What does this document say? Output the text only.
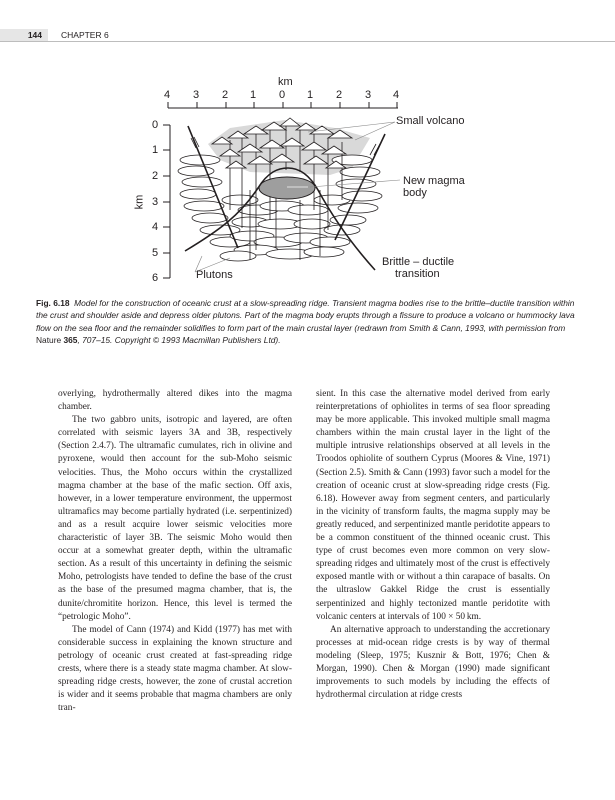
144 CHAPTER 6
km
4 3 2 1 0 1 2 3 4
0
1
2
3
4
5
6
km
Small volcano
New magma
body
Brittle – ductile
transition
Plutons
Fig. 6.18 Model for the construction of oceanic crust at a slow-spreading ridge. Transient magma bodies rise to the brittle–ductile transition within the crust and shoulder aside and depress older plutons. Part of the magma body erupts through a fissure to produce a volcano or hummocky lava flow on the sea floor and the remainder solidifies to form part of the main crustal layer (redrawn from Smith & Cann, 1993, with permission from Nature 365, 707–15. Copyright © 1993 Macmillan Publishers Ltd).

overlying, hydrothermally altered dikes into the magma chamber.

The two gabbro units, isotropic and layered, are often correlated with seismic layers 3A and 3B, respectively (Section 2.4.7). The ultramafic cumulates, rich in olivine and pyroxene, would then account for the sub-Moho seismic velocities. Thus, the Moho occurs within the crystallized magma chamber at the base of the mafic section. Off axis, however, in a lower temperature environment, the uppermost ultramafics may become partially hydrated (i.e. serpentinized) and as a result acquire lower seismic velocities more characteristic of layer 3B. The seismic Moho would then occur at a somewhat greater depth, within the ultramafic section. As a result of this uncertainty in defining the seismic Moho, petrologists have tended to define the base of the crust as the base of the presumed magma chamber, that is, the dunite/chromitite horizon. Hence, this level is termed the “petrologic Moho”.

The model of Cann (1974) and Kidd (1977) has met with considerable success in explaining the known structure and petrology of oceanic crust created at fast-spreading ridge crests, where there is a steady state magma chamber. At slow-spreading ridge crests, however, the zone of crustal accretion is wider and it seems probable that magma chambers are only tran-

sient. In this case the alternative model derived from early reinterpretations of ophiolites in terms of sea floor spreading may be more applicable. This invoked multiple small magma chambers within the main crustal layer in the light of the multiple intrusive relationships observed at all levels in the Troodos ophiolite of southern Cyprus (Moores & Vine, 1971) (Section 2.5). Smith & Cann (1993) favor such a model for the creation of oceanic crust at slow-spreading ridge crests (Fig. 6.18). However away from segment centers, and particularly in the vicinity of transform faults, the magma supply may be greatly reduced, and serpentinized mantle peridotite appears to be a common constituent of the thinned oceanic crust. This type of crust becomes even more common on very slow-spreading ridges and ultimately most of the crust is effectively exposed mantle with or without a thin carapace of basalts. On the ultraslow Gakkel Ridge the crust is essentially serpentinized and highly tectonized mantle peridotite with volcanic centers at intervals of 100 × 50 km.

An alternative approach to understanding the accretionary processes at mid-ocean ridge crests is by way of thermal modeling (Sleep, 1975; Kusznir & Bott, 1976; Chen & Morgan, 1990). Chen & Morgan (1990) made significant improvements to such models by including the effects of hydrothermal circulation at ridge crests
